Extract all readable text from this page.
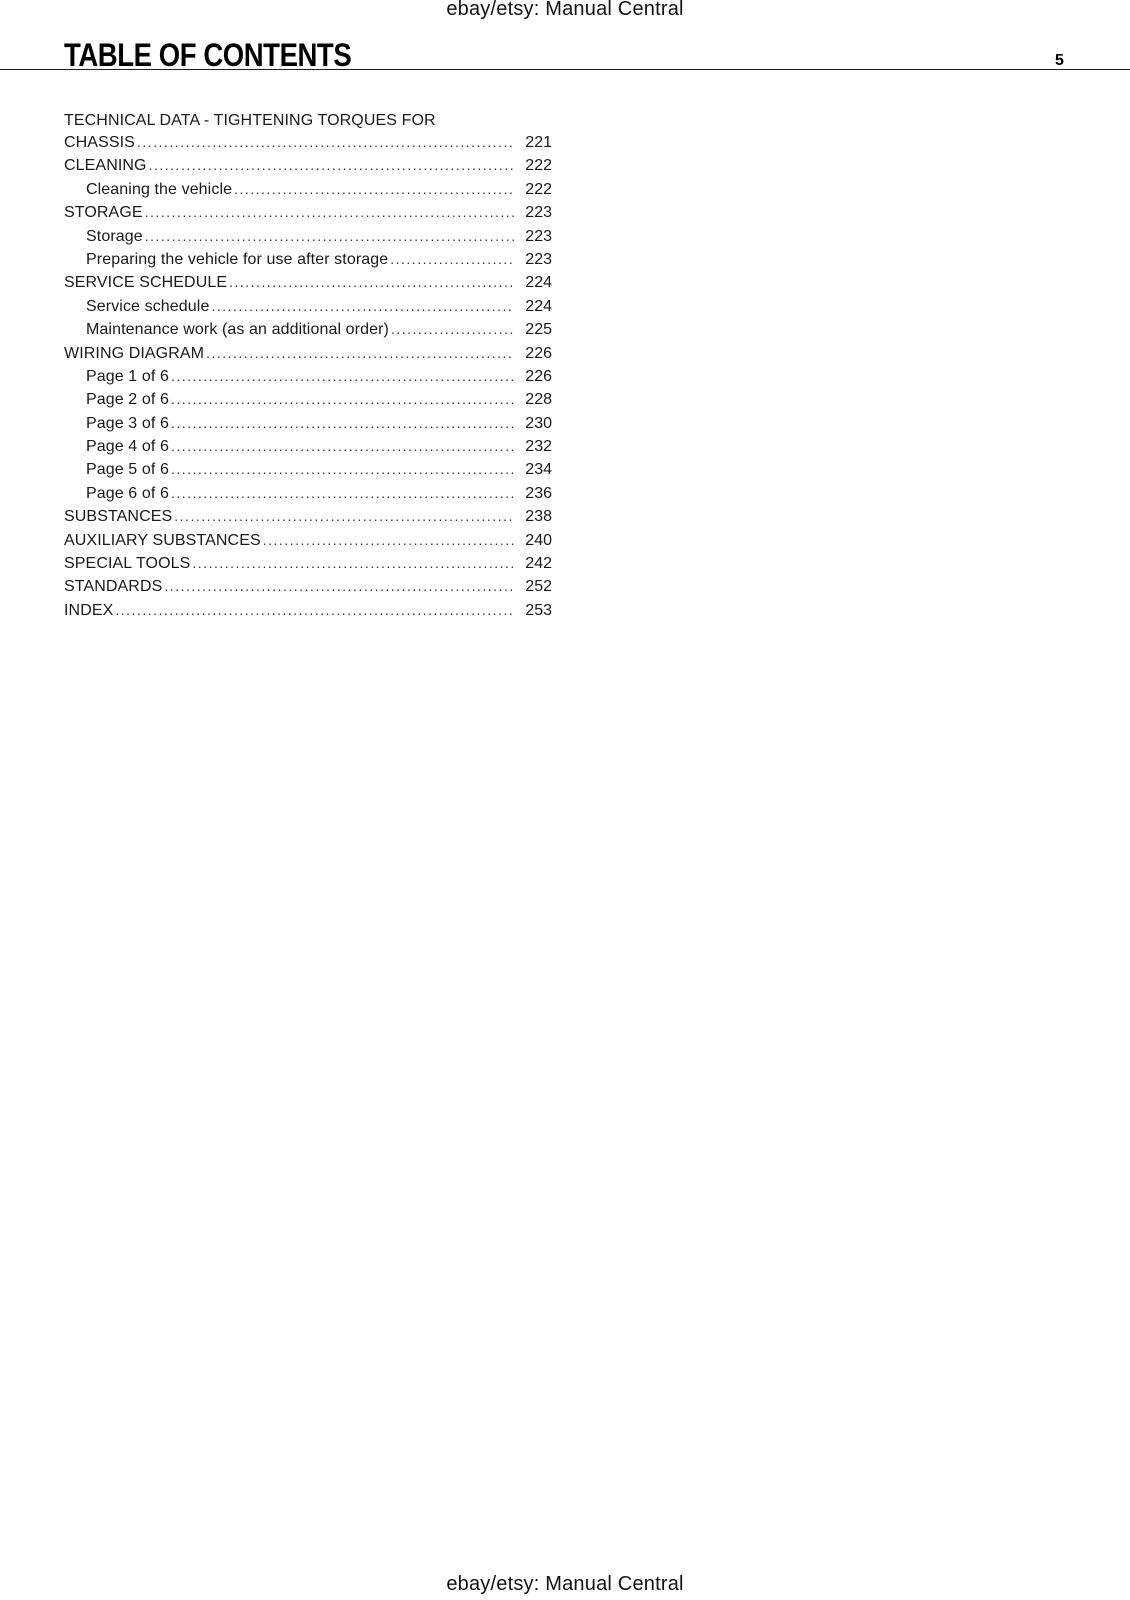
ebay/etsy: Manual Central
TABLE OF CONTENTS	5
TECHNICAL DATA - TIGHTENING TORQUES FOR
CHASSIS .....	221
CLEANING .....	222
Cleaning the vehicle .....	222
STORAGE .....	223
Storage .....	223
Preparing the vehicle for use after storage .....	223
SERVICE SCHEDULE .....	224
Service schedule .....	224
Maintenance work (as an additional order) .....	225
WIRING DIAGRAM .....	226
Page 1 of 6 .....	226
Page 2 of 6 .....	228
Page 3 of 6 .....	230
Page 4 of 6 .....	232
Page 5 of 6 .....	234
Page 6 of 6 .....	236
SUBSTANCES .....	238
AUXILIARY SUBSTANCES .....	240
SPECIAL TOOLS .....	242
STANDARDS .....	252
INDEX .....	253
ebay/etsy: Manual Central
